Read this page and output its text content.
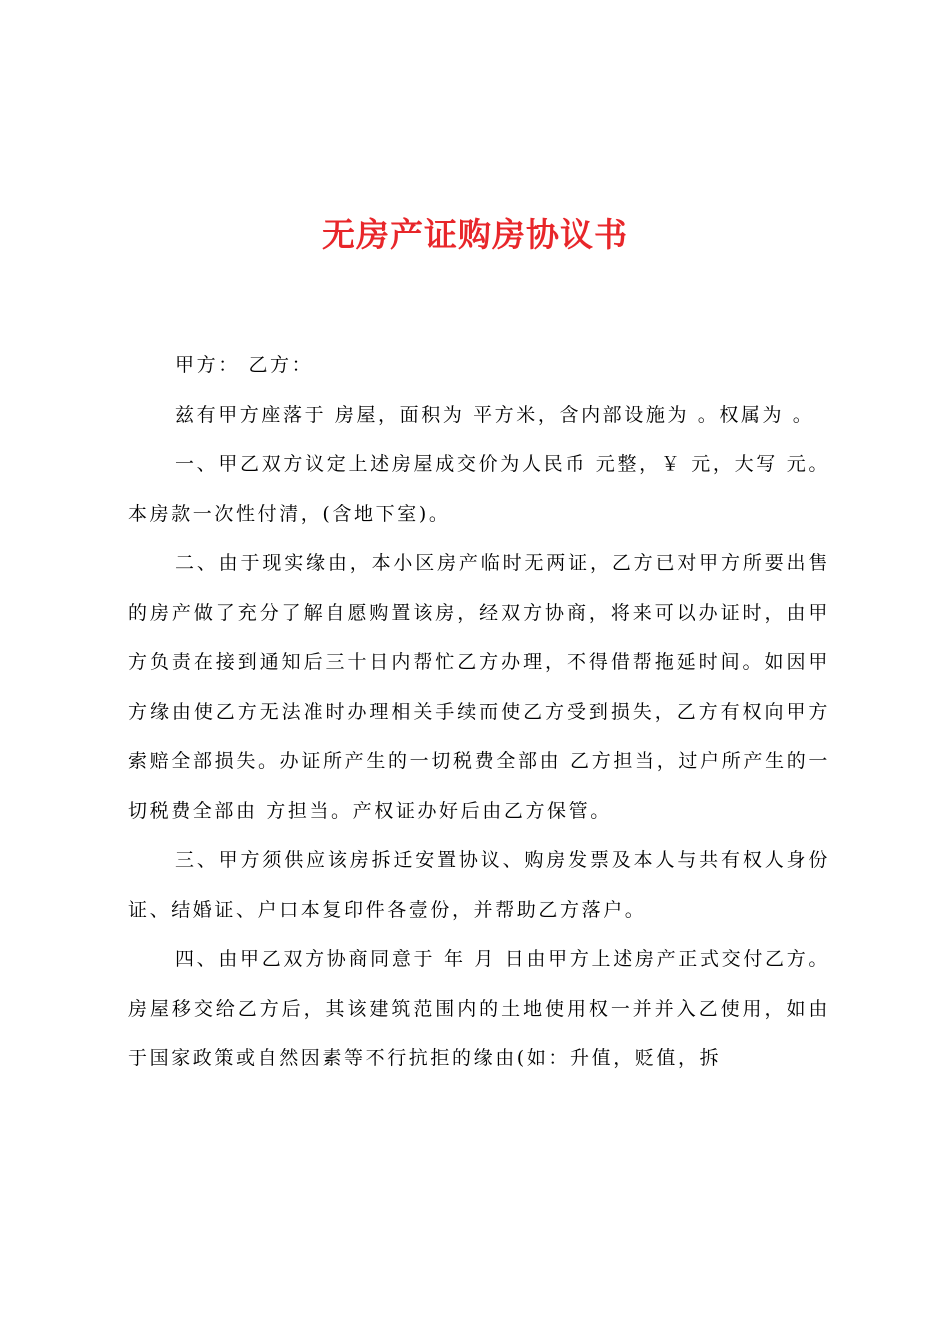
无房产证购房协议书

甲方： 乙方：

兹有甲方座落于 房屋，面积为 平方米，含内部设施为 。权属为 。

一、甲乙双方议定上述房屋成交价为人民币 元整，￥ 元，大写 元。本房款一次性付清，(含地下室)。

二、由于现实缘由，本小区房产临时无两证，乙方已对甲方所要出售的房产做了充分了解自愿购置该房，经双方协商，将来可以办证时，由甲方负责在接到通知后三十日内帮忙乙方办理，不得借帮拖延时间。如因甲方缘由使乙方无法准时办理相关手续而使乙方受到损失，乙方有权向甲方索赔全部损失。办证所产生的一切税费全部由 乙方担当，过户所产生的一切税费全部由 方担当。产权证办好后由乙方保管。

三、甲方须供应该房拆迁安置协议、购房发票及本人与共有权人身份证、结婚证、户口本复印件各壹份，并帮助乙方落户。

四、由甲乙双方协商同意于 年 月 日由甲方上述房产正式交付乙方。房屋移交给乙方后，其该建筑范围内的土地使用权一并并入乙使用，如由于国家政策或自然因素等不行抗拒的缘由(如：升值，贬值，拆
